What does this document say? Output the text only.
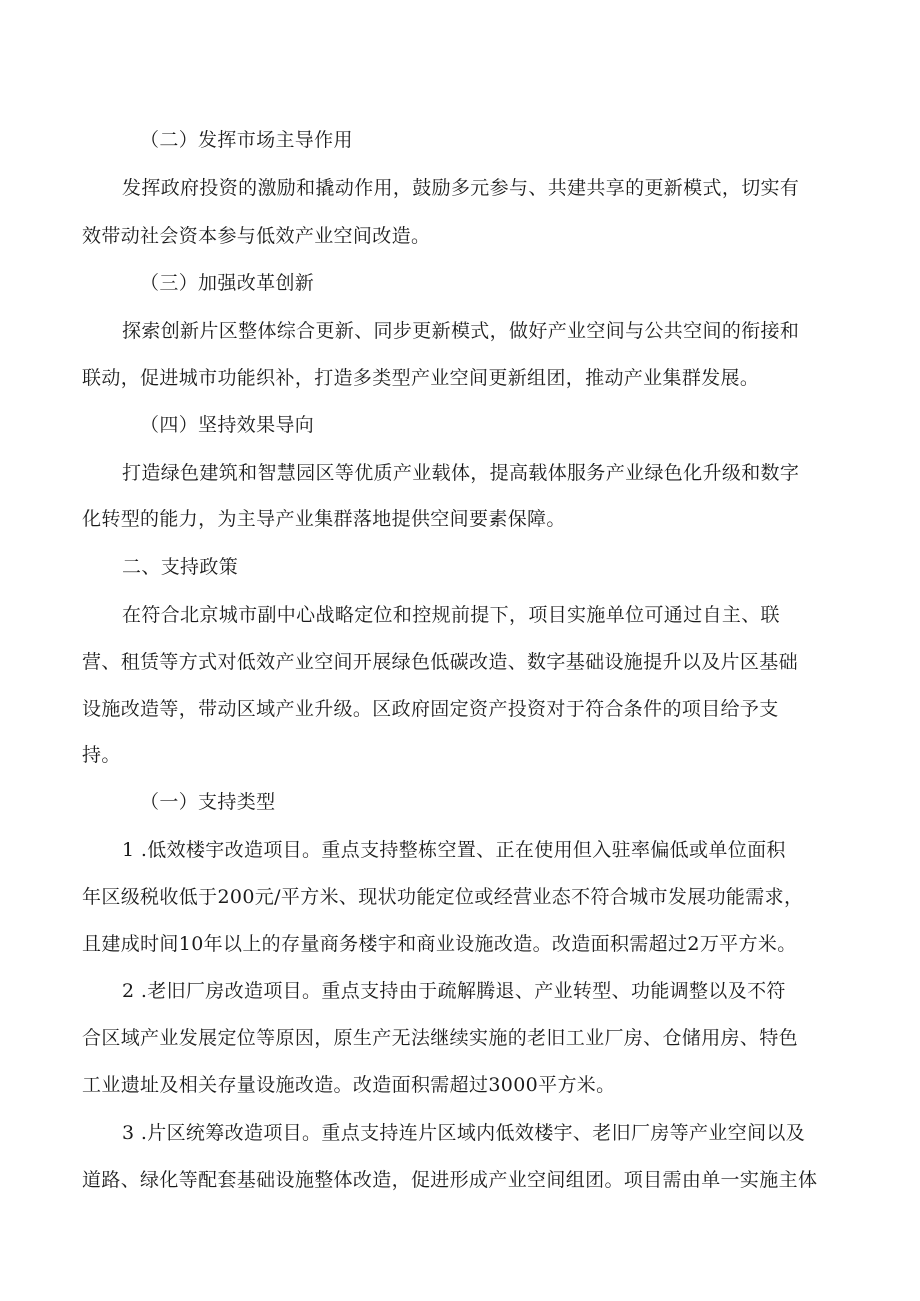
（二）发挥市场主导作用

发挥政府投资的激励和撬动作用，鼓励多元参与、共建共享的更新模式，切实有

效带动社会资本参与低效产业空间改造。

（三）加强改革创新

探索创新片区整体综合更新、同步更新模式，做好产业空间与公共空间的衔接和

联动，促进城市功能织补，打造多类型产业空间更新组团，推动产业集群发展。

（四）坚持效果导向

打造绿色建筑和智慧园区等优质产业载体，提高载体服务产业绿色化升级和数字

化转型的能力，为主导产业集群落地提供空间要素保障。

二、支持政策

在符合北京城市副中心战略定位和控规前提下，项目实施单位可通过自主、联

营、租赁等方式对低效产业空间开展绿色低碳改造、数字基础设施提升以及片区基础

设施改造等，带动区域产业升级。区政府固定资产投资对于符合条件的项目给予支

持。

（一）支持类型

1 .低效楼宇改造项目。重点支持整栋空置、正在使用但入驻率偏低或单位面积

年区级税收低于200元/平方米、现状功能定位或经营业态不符合城市发展功能需求，

且建成时间10年以上的存量商务楼宇和商业设施改造。改造面积需超过2万平方米。

2 .老旧厂房改造项目。重点支持由于疏解腾退、产业转型、功能调整以及不符

合区域产业发展定位等原因，原生产无法继续实施的老旧工业厂房、仓储用房、特色

工业遗址及相关存量设施改造。改造面积需超过3000平方米。

3 .片区统筹改造项目。重点支持连片区域内低效楼宇、老旧厂房等产业空间以及

道路、绿化等配套基础设施整体改造，促进形成产业空间组团。项目需由单一实施主体
